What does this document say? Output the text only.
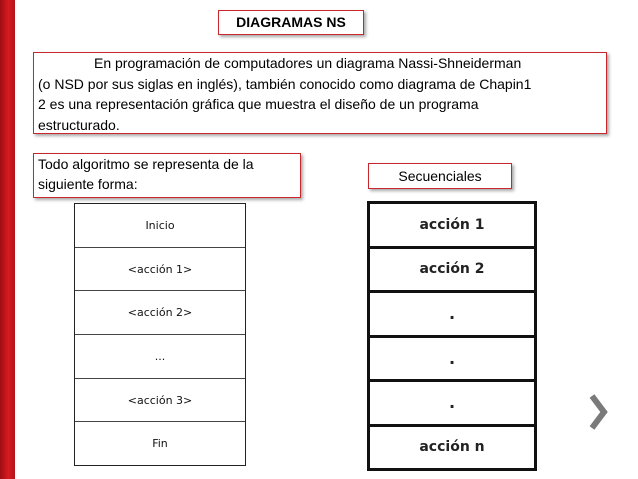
DIAGRAMAS NS
En programación de computadores un diagrama Nassi-Shneiderman
(o NSD por sus siglas en inglés), también conocido como diagrama de Chapin1
2 es una representación gráfica que muestra el diseño de un programa
estructurado.
Todo algoritmo se representa de la
siguiente forma:	Secuenciales
Inicio
<acción 1>
<acción 2>
...
<acción 3>
Fin
acción 1
acción 2
.
.
.
acción n
